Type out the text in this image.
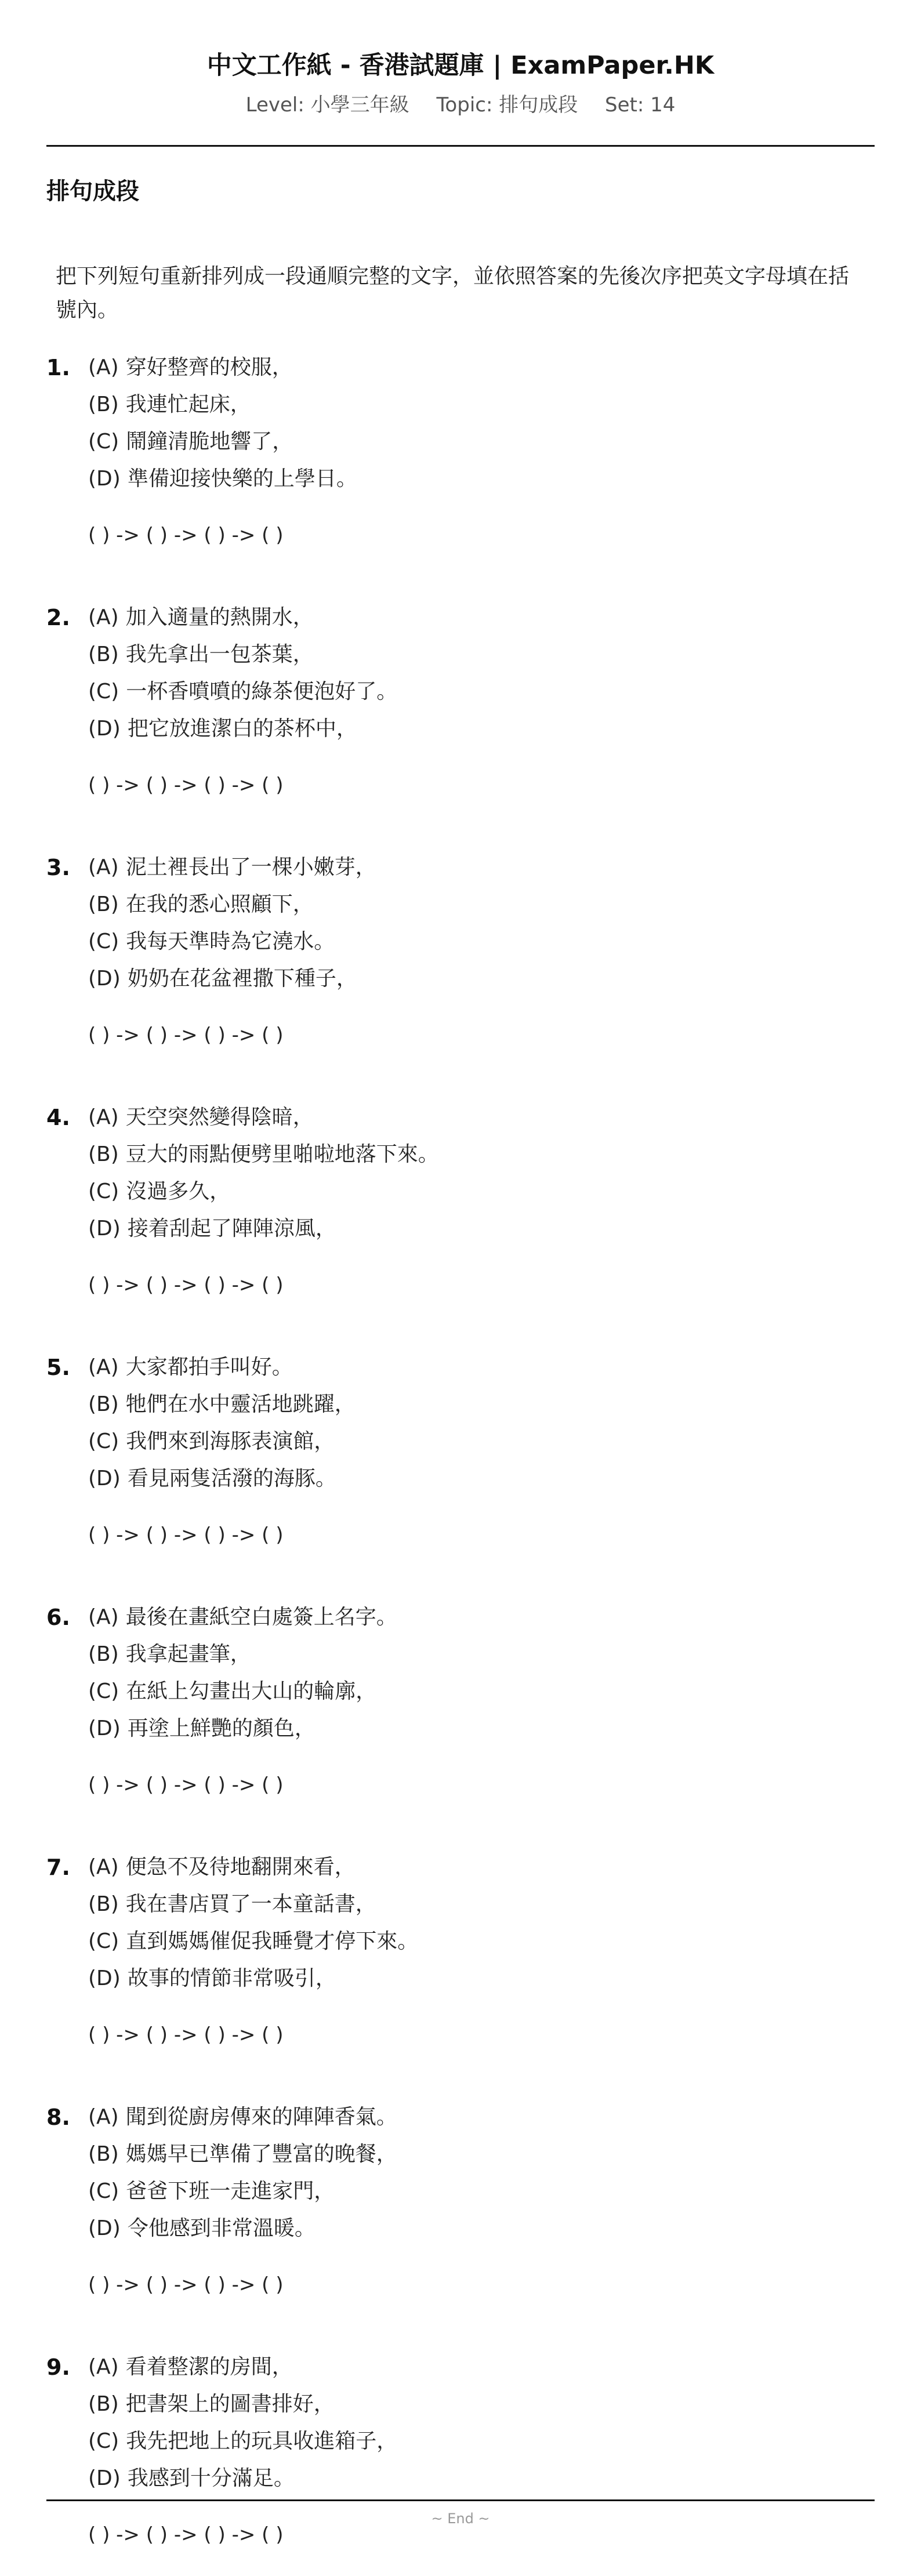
中文工作紙 - 香港試題庫 | ExamPaper.HK
Level: 小學三年級 Topic: 排句成段 Set: 14
排句成段
把下列短句重新排列成一段通順完整的文字，並依照答案的先後次序把英文字母填在括號內。
1. (A) 穿好整齊的校服，
(B) 我連忙起床，
(C) 鬧鐘清脆地響了，
(D) 準備迎接快樂的上學日。
( ) -> ( ) -> ( ) -> ( )
2. (A) 加入適量的熱開水，
(B) 我先拿出一包茶葉，
(C) 一杯香噴噴的綠茶便泡好了。
(D) 把它放進潔白的茶杯中，
( ) -> ( ) -> ( ) -> ( )
3. (A) 泥土裡長出了一棵小嫩芽，
(B) 在我的悉心照顧下，
(C) 我每天準時為它澆水。
(D) 奶奶在花盆裡撒下種子，
( ) -> ( ) -> ( ) -> ( )
4. (A) 天空突然變得陰暗，
(B) 豆大的雨點便劈里啪啦地落下來。
(C) 沒過多久，
(D) 接着刮起了陣陣涼風，
( ) -> ( ) -> ( ) -> ( )
5. (A) 大家都拍手叫好。
(B) 牠們在水中靈活地跳躍，
(C) 我們來到海豚表演館，
(D) 看見兩隻活潑的海豚。
( ) -> ( ) -> ( ) -> ( )
6. (A) 最後在畫紙空白處簽上名字。
(B) 我拿起畫筆，
(C) 在紙上勾畫出大山的輪廓，
(D) 再塗上鮮艷的顏色，
( ) -> ( ) -> ( ) -> ( )
7. (A) 便急不及待地翻開來看，
(B) 我在書店買了一本童話書，
(C) 直到媽媽催促我睡覺才停下來。
(D) 故事的情節非常吸引，
( ) -> ( ) -> ( ) -> ( )
8. (A) 聞到從廚房傳來的陣陣香氣。
(B) 媽媽早已準備了豐富的晚餐，
(C) 爸爸下班一走進家門，
(D) 令他感到非常溫暖。
( ) -> ( ) -> ( ) -> ( )
9. (A) 看着整潔的房間，
(B) 把書架上的圖書排好，
(C) 我先把地上的玩具收進箱子，
(D) 我感到十分滿足。
( ) -> ( ) -> ( ) -> ( )
~ End ~
